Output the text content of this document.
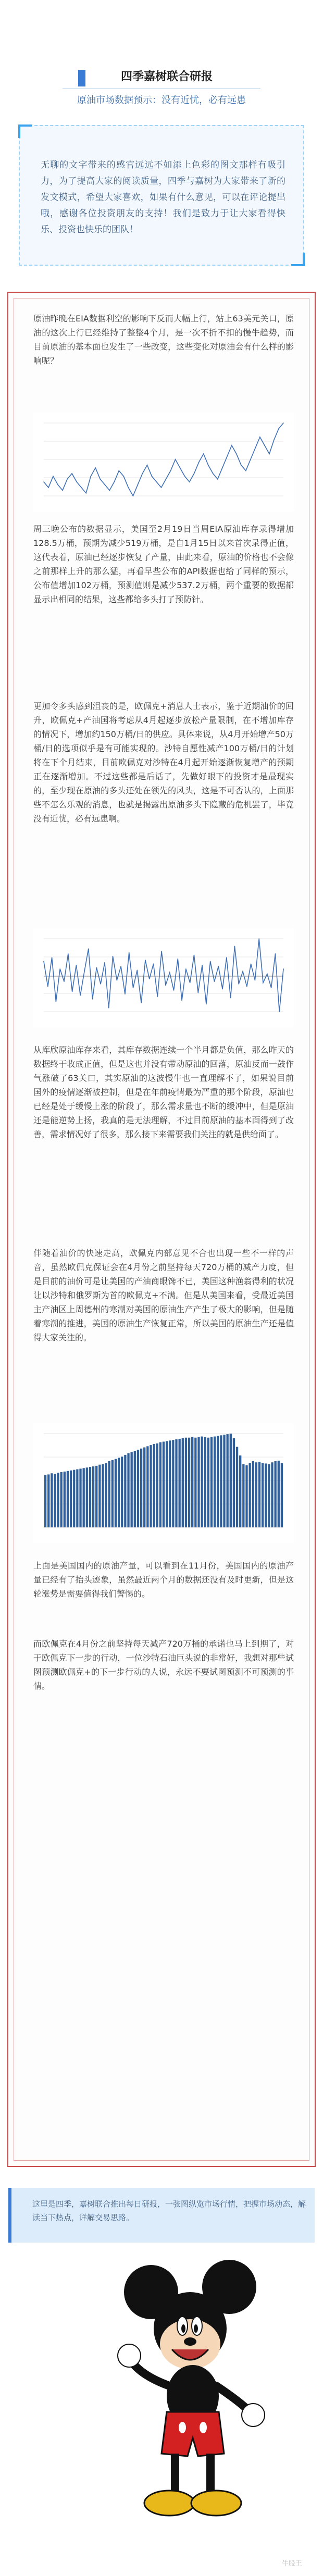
四季嘉树联合研报
原油市场数据预示：没有近忧，必有远患
无聊的文字带来的感官远远不如添上色彩的图文那样有吸引力，为了提高大家的阅读质量，四季与嘉树为大家带来了新的发文模式，希望大家喜欢，如果有什么意见，可以在评论提出哦，感谢各位投资朋友的支持！我们是致力于让大家看得快乐、投资也快乐的团队！
原油昨晚在EIA数据利空的影响下反而大幅上行，站上63美元关口，原油的这次上行已经维持了整整4个月，是一次不折不扣的慢牛趋势，而目前原油的基本面也发生了一些改变，这些变化对原油会有什么样的影响呢？
周三晚公布的数据显示，美国至2月19日当周EIA原油库存录得增加128.5万桶，预期为减少519万桶，是自1月15日以来首次录得正值，这代表着，原油已经逐步恢复了产量，由此来看，原油的价格也不会像之前那样上升的那么猛，再看早些公布的API数据也给了同样的预示，公布值增加102万桶，预测值则是减少537.2万桶，两个重要的数据都显示出相同的结果，这些都给多头打了预防针。
更加令多头感到沮丧的是，欧佩克+消息人士表示，鉴于近期油价的回升，欧佩克+产油国将考虑从4月起逐步放松产量限制，在不增加库存的情况下，增加约150万桶/日的供应。具体来说，从4月开始增产50万桶/日的选项似乎是有可能实现的。沙特自愿性减产100万桶/日的计划将在下个月结束，目前欧佩克对沙特在4月起开始逐渐恢复增产的预期正在逐渐增加。不过这些都是后话了，先做好眼下的投资才是最现实的，至少现在原油的多头还处在领先的风头，这是不可否认的，上面那些不怎么乐观的消息，也就是揭露出原油多头下隐藏的危机罢了，毕竟没有近忧，必有远患啊。
从库欣原油库存来看，其库存数据连续一个半月都是负值，那么昨天的数据终于收成正值，但是这也并没有带动原油的回落，原油反而一鼓作气涨破了63关口，其实原油的这波慢牛也一直理解不了，如果说目前国外的疫情逐渐被控制，但是在年前疫情最为严重的那个阶段，原油也已经是处于缓慢上涨的阶段了，那么需求量也不断的缓冲中，但是原油还是能逆势上扬，我真的是无法理解，不过目前原油的基本面得到了改善，需求情况好了很多，那么接下来需要我们关注的就是供给面了。
伴随着油价的快速走高，欧佩克内部意见不合也出现一些不一样的声音，虽然欧佩克保证会在4月份之前坚持每天720万桶的减产力度，但是目前的油价可是让美国的产油商眼馋不已，美国这种渔翁得利的状况让以沙特和俄罗斯为首的欧佩克+不满。但是从美国来看，受最近美国主产油区上周德州的寒潮对美国的原油生产产生了极大的影响，但是随着寒潮的推进，美国的原油生产恢复正常，所以美国的原油生产还是值得大家关注的。
上面是美国国内的原油产量，可以看到在11月份，美国国内的原油产量已经有了抬头迹象，虽然最近两个月的数据还没有及时更新，但是这轮涨势是需要值得我们警惕的。
而欧佩克在4月份之前坚持每天减产720万桶的承诺也马上到期了，对于欧佩克下一步的行动，一位沙特石油巨头说的非常好，我想对那些试图预测欧佩克+的下一步行动的人说，永远不要试图预测不可预测的事情。
这里是四季，嘉树联合推出每日研报，一张图纵览市场行情，把握市场动态，解读当下热点，详解交易思路。
牛股王
